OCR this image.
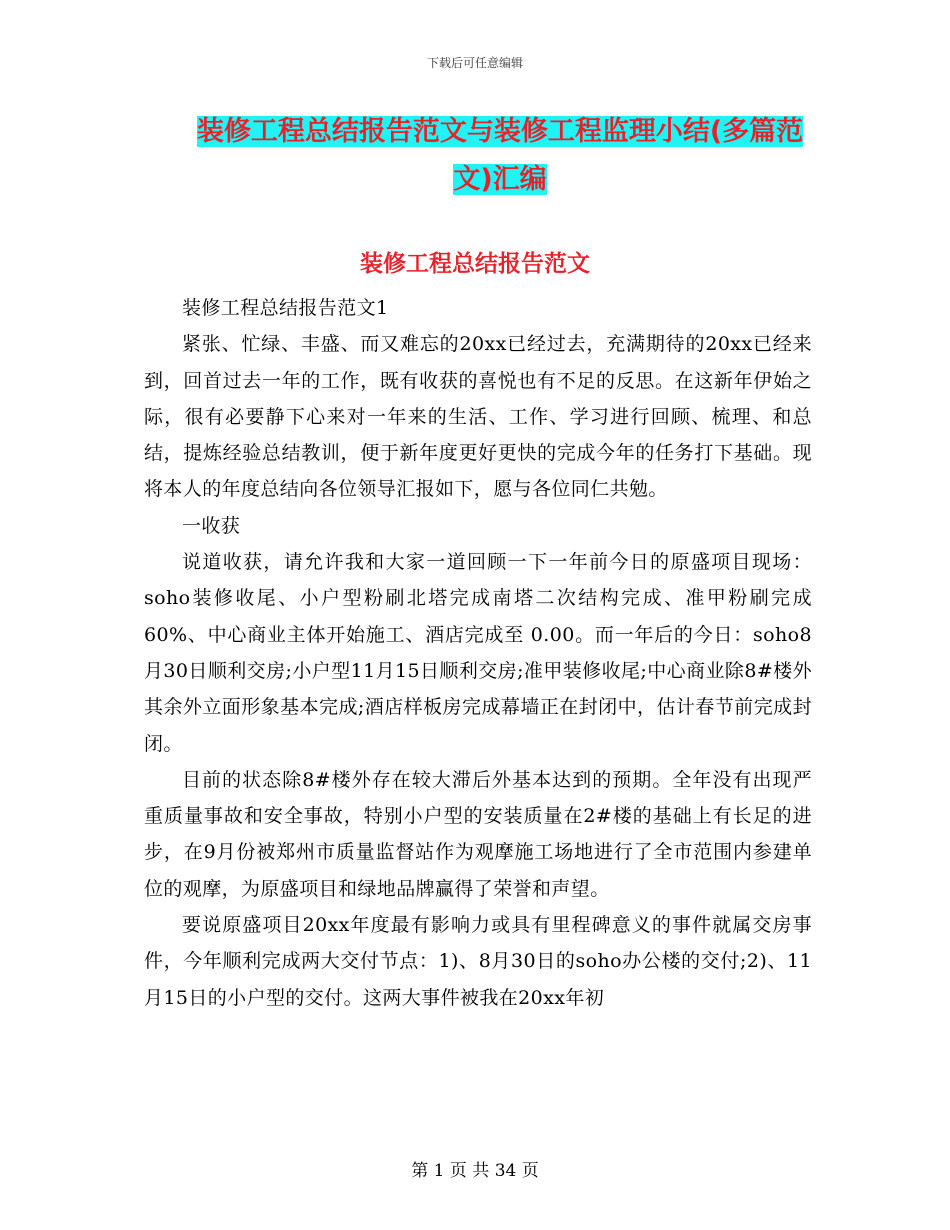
下载后可任意编辑
装修工程总结报告范文与装修工程监理小结(多篇范文)汇编
装修工程总结报告范文

装修工程总结报告范文1

紧张、忙绿、丰盛、而又难忘的20xx已经过去，充满期待的20xx已经来到，回首过去一年的工作，既有收获的喜悦也有不足的反思。在这新年伊始之际，很有必要静下心来对一年来的生活、工作、学习进行回顾、梳理、和总结，提炼经验总结教训，便于新年度更好更快的完成今年的任务打下基础。现将本人的年度总结向各位领导汇报如下，愿与各位同仁共勉。

一收获

说道收获，请允许我和大家一道回顾一下一年前今日的原盛项目现场：soho装修收尾、小户型粉刷北塔完成南塔二次结构完成、准甲粉刷完成60%、中心商业主体开始施工、酒店完成至 0.00。而一年后的今日：soho8月30日顺利交房;小户型11月15日顺利交房;准甲装修收尾;中心商业除8#楼外其余外立面形象基本完成;酒店样板房完成幕墙正在封闭中，估计春节前完成封闭。

目前的状态除8#楼外存在较大滞后外基本达到的预期。全年没有出现严重质量事故和安全事故，特别小户型的安装质量在2#楼的基础上有长足的进步，在9月份被郑州市质量监督站作为观摩施工场地进行了全市范围内参建单位的观摩，为原盛项目和绿地品牌赢得了荣誉和声望。

要说原盛项目20xx年度最有影响力或具有里程碑意义的事件就属交房事件，今年顺利完成两大交付节点：1)、8月30日的soho办公楼的交付;2)、11月15日的小户型的交付。这两大事件被我在20xx年初

第 1 页 共 34 页
